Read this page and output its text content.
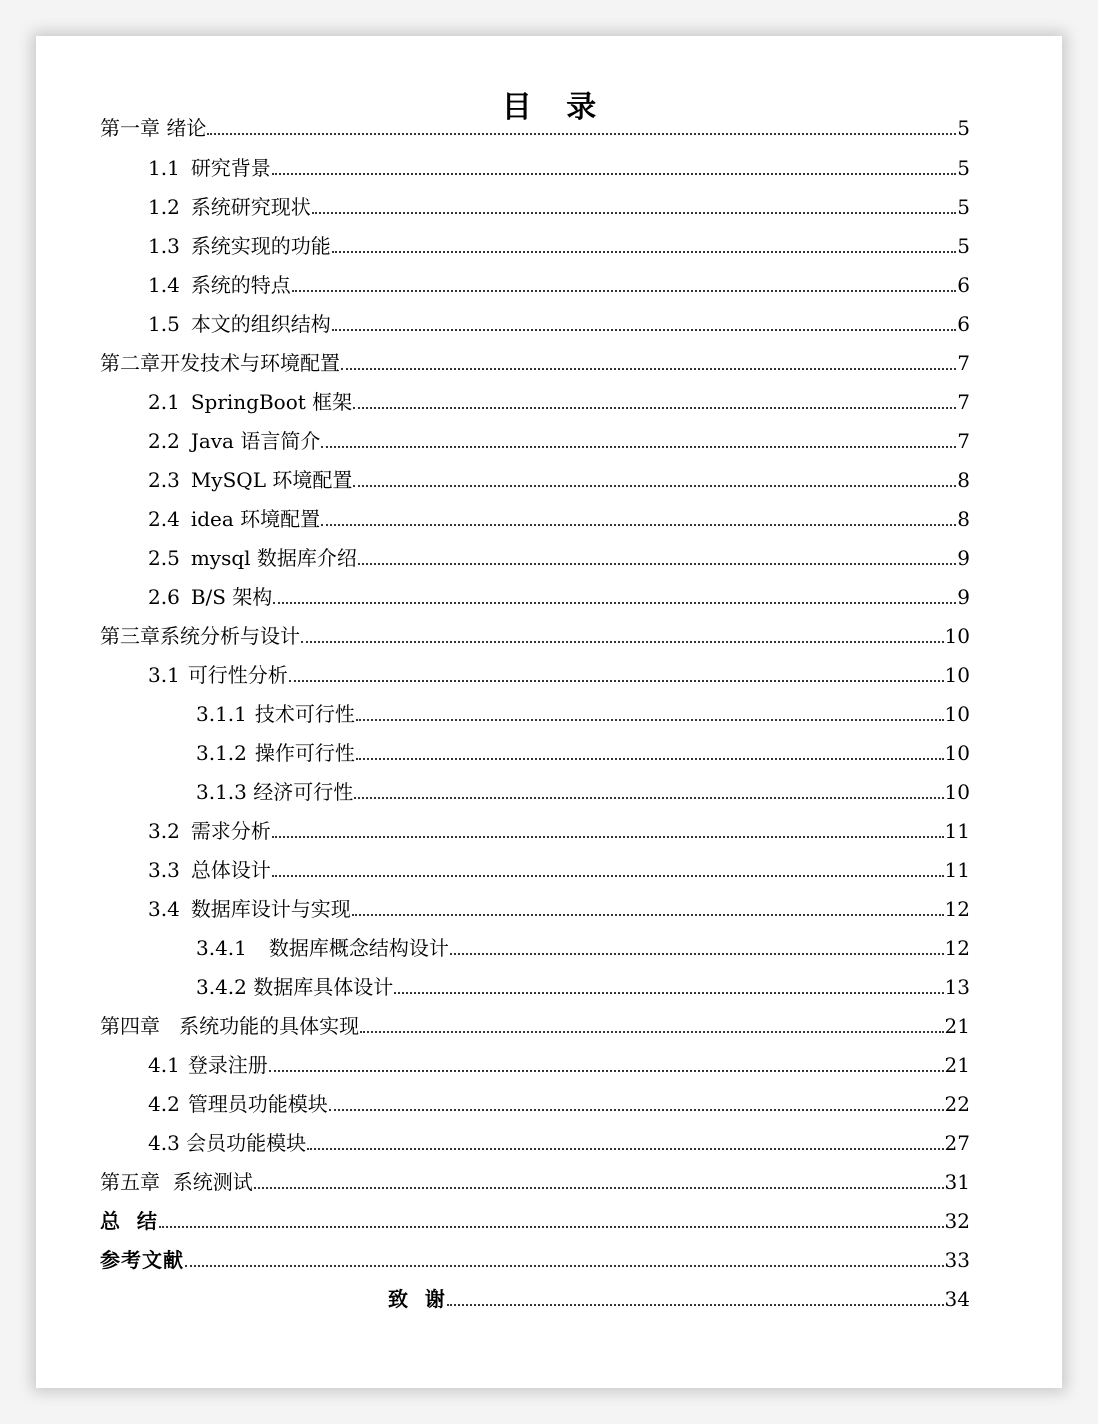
目 录
第一章 绪论	5
1.1 研究背景	5
1.2 系统研究现状	5
1.3 系统实现的功能	5
1.4 系统的特点	6
1.5 本文的组织结构	6
第二章开发技术与环境配置	7
2.1 SpringBoot 框架	7
2.2 Java 语言简介	7
2.3 MySQL 环境配置	8
2.4 idea 环境配置	8
2.5 mysql 数据库介绍	9
2.6 B/S 架构	9
第三章系统分析与设计	10
3.1 可行性分析	10
3.1.1 技术可行性	10
3.1.2 操作可行性	10
3.1.3 经济可行性	10
3.2 需求分析	11
3.3 总体设计	11
3.4 数据库设计与实现	12
3.4.1 数据库概念结构设计	12
3.4.2 数据库具体设计	13
第四章   系统功能的具体实现	21
4.1 登录注册	21
4.2 管理员功能模块	22
4.3 会员功能模块	27
第五章  系统测试	31
总  结	32
参考文献	33
致  谢	34
